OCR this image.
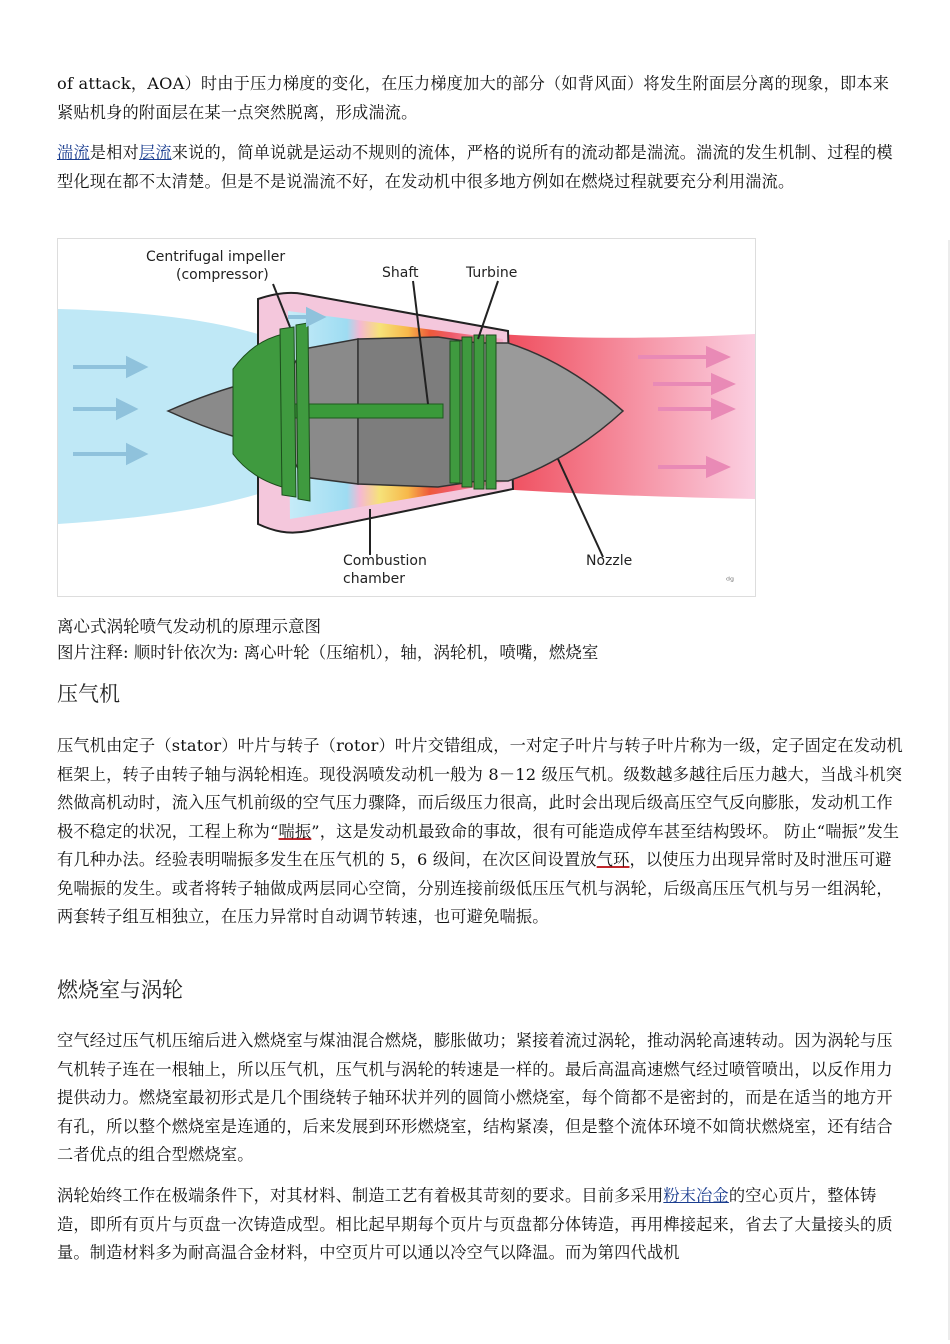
of attack，AOA）时由于压力梯度的变化，在压力梯度加大的部分（如背风面）将发生附面层分离的现象，即本来紧贴机身的附面层在某一点突然脱离，形成湍流。

湍流是相对层流来说的，简单说就是运动不规则的流体，严格的说所有的流动都是湍流。湍流的发生机制、过程的模型化现在都不太清楚。但是不是说湍流不好，在发动机中很多地方例如在燃烧过程就要充分利用湍流。

Centrifugal impeller
(compressor)	Shaft	Turbine
Combustion
chamber
Nozzle
ᵈᵍ
离心式涡轮喷气发动机的原理示意图
图片注释: 顺时针依次为: 离心叶轮（压缩机），轴，涡轮机，喷嘴，燃烧室
压气机

压气机由定子（stator）叶片与转子（rotor）叶片交错组成，一对定子叶片与转子叶片称为一级，定子固定在发动机框架上，转子由转子轴与涡轮相连。现役涡喷发动机一般为 8－12 级压气机。级数越多越往后压力越大，当战斗机突然做高机动时，流入压气机前级的空气压力骤降，而后级压力很高，此时会出现后级高压空气反向膨胀，发动机工作极不稳定的状况，工程上称为“喘振”，这是发动机最致命的事故，很有可能造成停车甚至结构毁坏。 防止“喘振”发生有几种办法。经验表明喘振多发生在压气机的 5，6 级间，在次区间设置放气环，以使压力出现异常时及时泄压可避免喘振的发生。或者将转子轴做成两层同心空筒，分别连接前级低压压气机与涡轮，后级高压压气机与另一组涡轮，两套转子组互相独立，在压力异常时自动调节转速，也可避免喘振。

燃烧室与涡轮

空气经过压气机压缩后进入燃烧室与煤油混合燃烧，膨胀做功；紧接着流过涡轮，推动涡轮高速转动。因为涡轮与压气机转子连在一根轴上，所以压气机，压气机与涡轮的转速是一样的。最后高温高速燃气经过喷管喷出，以反作用力提供动力。燃烧室最初形式是几个围绕转子轴环状并列的圆筒小燃烧室，每个筒都不是密封的，而是在适当的地方开有孔，所以整个燃烧室是连通的，后来发展到环形燃烧室，结构紧凑，但是整个流体环境不如筒状燃烧室，还有结合二者优点的组合型燃烧室。

涡轮始终工作在极端条件下，对其材料、制造工艺有着极其苛刻的要求。目前多采用粉末冶金的空心页片，整体铸造，即所有页片与页盘一次铸造成型。相比起早期每个页片与页盘都分体铸造，再用榫接起来，省去了大量接头的质量。制造材料多为耐高温合金材料，中空页片可以通以冷空气以降温。而为第四代战机
